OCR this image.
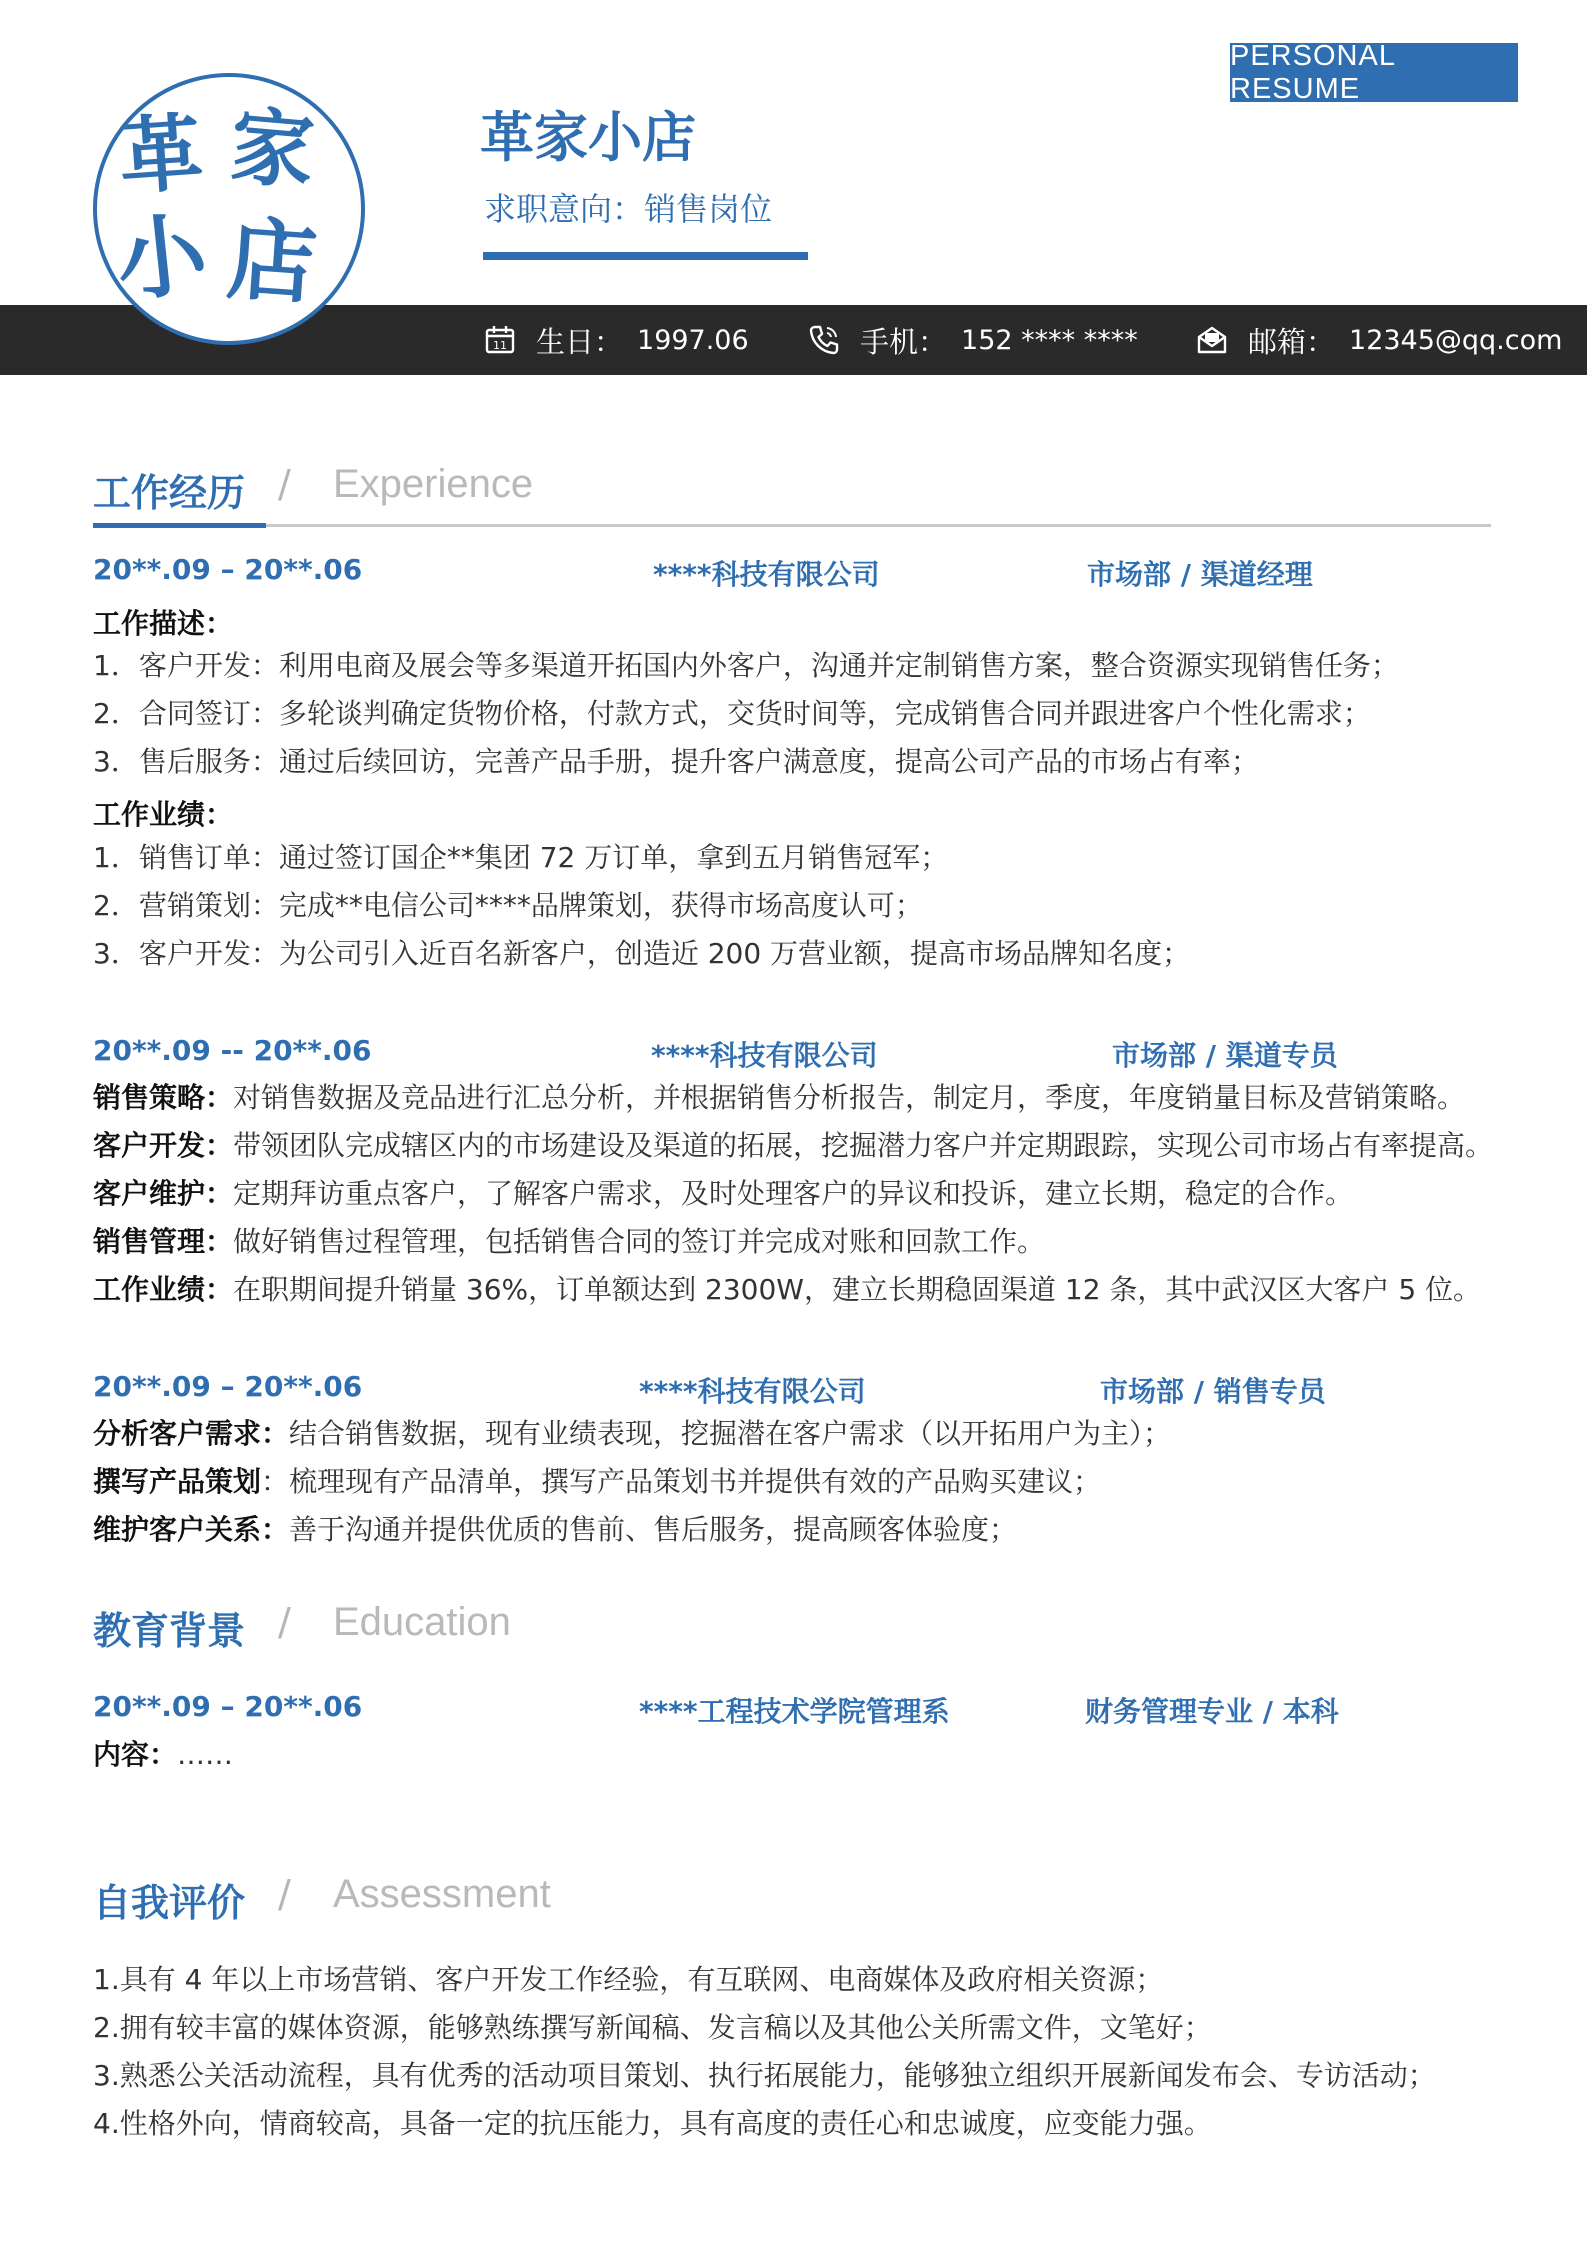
PERSONAL RESUME
革 家
小 店
革家小店
求职意向：销售岗位
11 生日： 1997.06	手机： 152 **** ****	邮箱： 12345@qq.com
工作经历 / Experience
20**.09 – 20**.06	****科技有限公司	市场部 / 渠道经理
工作描述：
1．客户开发：利用电商及展会等多渠道开拓国内外客户，沟通并定制销售方案，整合资源实现销售任务；
2．合同签订：多轮谈判确定货物价格，付款方式，交货时间等，完成销售合同并跟进客户个性化需求；
3．售后服务：通过后续回访，完善产品手册，提升客户满意度，提高公司产品的市场占有率；
工作业绩：
1．销售订单：通过签订国企**集团 72 万订单，拿到五月销售冠军；
2．营销策划：完成**电信公司****品牌策划，获得市场高度认可；
3．客户开发：为公司引入近百名新客户，创造近 200 万营业额，提高市场品牌知名度；
20**.09 -- 20**.06	****科技有限公司	市场部 / 渠道专员
销售策略：对销售数据及竞品进行汇总分析，并根据销售分析报告，制定月，季度，年度销量目标及营销策略。
客户开发：带领团队完成辖区内的市场建设及渠道的拓展，挖掘潜力客户并定期跟踪，实现公司市场占有率提高。
客户维护：定期拜访重点客户，了解客户需求，及时处理客户的异议和投诉，建立长期，稳定的合作。
销售管理：做好销售过程管理，包括销售合同的签订并完成对账和回款工作。
工作业绩：在职期间提升销量 36%，订单额达到 2300W，建立长期稳固渠道 12 条，其中武汉区大客户 5 位。
20**.09 – 20**.06	****科技有限公司	市场部 / 销售专员
分析客户需求：结合销售数据，现有业绩表现，挖掘潜在客户需求（以开拓用户为主）；
撰写产品策划：梳理现有产品清单，撰写产品策划书并提供有效的产品购买建议；
维护客户关系：善于沟通并提供优质的售前、售后服务，提高顾客体验度；
教育背景 / Education
20**.09 – 20**.06	****工程技术学院管理系	财务管理专业 / 本科
内容：……
自我评价 / Assessment
1.具有 4 年以上市场营销、客户开发工作经验，有互联网、电商媒体及政府相关资源；
2.拥有较丰富的媒体资源，能够熟练撰写新闻稿、发言稿以及其他公关所需文件，文笔好；
3.熟悉公关活动流程，具有优秀的活动项目策划、执行拓展能力，能够独立组织开展新闻发布会、专访活动；
4.性格外向，情商较高，具备一定的抗压能力，具有高度的责任心和忠诚度，应变能力强。
